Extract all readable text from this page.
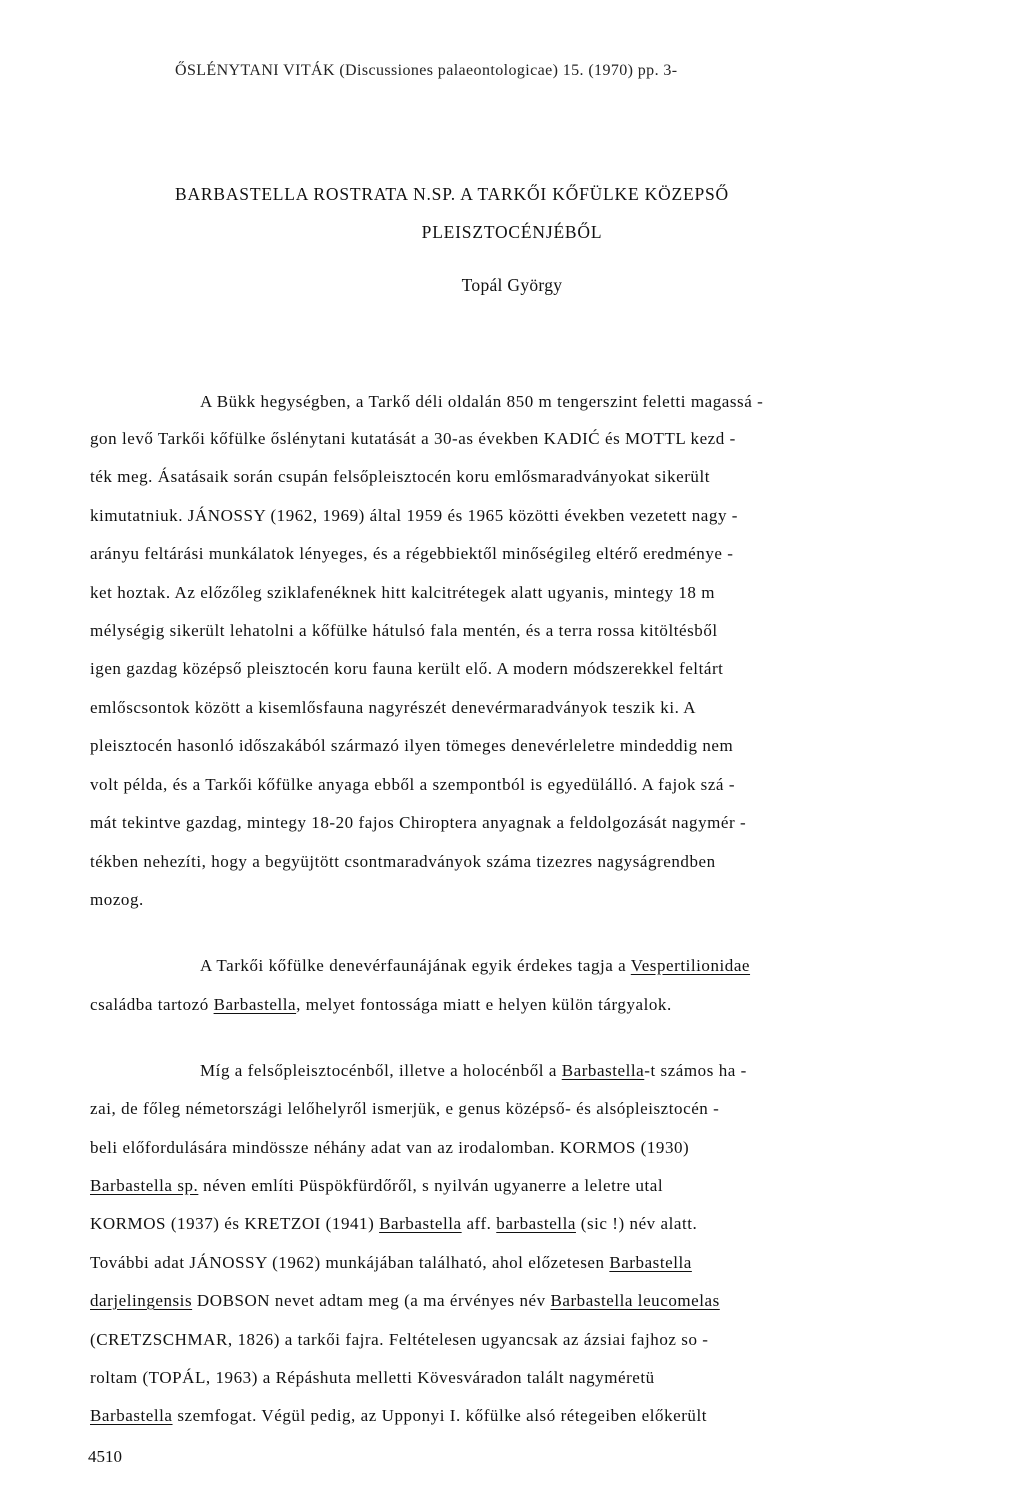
ŐSLÉNYTANI VITÁK (Discussiones palaeontologicae) 15. (1970) pp. 3-
BARBASTELLA ROSTRATA N.SP. A TARKŐI KŐFÜLKE KÖZEPSŐ
PLEISZTOCÉNJÉBŐL
Topál György
A Bükk hegységben, a Tarkő déli oldalán 850 m tengerszint feletti magassá -
gon levő Tarkői kőfülke őslénytani kutatását a 30-as években KADIĆ és MOTTL kezd -
ték meg. Ásatásaik során csupán felsőpleisztocén koru emlősmaradványokat sikerült
kimutatniuk. JÁNOSSY (1962, 1969) által 1959 és 1965 közötti években vezetett nagy -
arányu feltárási munkálatok lényeges, és a régebbiektől minőségileg eltérő eredménye -
ket hoztak. Az előzőleg sziklafenéknek hitt kalcitrétegek alatt ugyanis, mintegy 18 m
mélységig sikerült lehatolni a kőfülke hátulsó fala mentén, és a terra rossa kitöltésből
igen gazdag középső pleisztocén koru fauna került elő. A modern módszerekkel feltárt
emlőscsontok között a kisemlősfauna nagyrészét denevérmaradványok teszik ki. A
pleisztocén hasonló időszakából származó ilyen tömeges denevérleletre mindeddig nem
volt példa, és a Tarkői kőfülke anyaga ebből a szempontból is egyedülálló. A fajok szá -
mát tekintve gazdag, mintegy 18-20 fajos Chiroptera anyagnak a feldolgozását nagymér -
tékben nehezíti, hogy a begyüjtött csontmaradványok száma tizezres nagyságrendben
mozog.
A Tarkői kőfülke denevérfaunájának egyik érdekes tagja a Vespertilionidae
családba tartozó Barbastella, melyet fontossága miatt e helyen külön tárgyalok.
Míg a felsőpleisztocénből, illetve a holocénből a Barbastella-t számos ha -
zai, de főleg németországi lelőhelyről ismerjük, e genus középső- és alsópleisztocén -
beli előfordulására mindössze néhány adat van az irodalomban. KORMOS (1930)
Barbastella sp. néven említi Püspökfürdőről, s nyilván ugyanerre a leletre utal
KORMOS (1937) és KRETZOI (1941) Barbastella aff. barbastella (sic !) név alatt.
További adat JÁNOSSY (1962) munkájában található, ahol előzetesen Barbastella
darjelingensis DOBSON nevet adtam meg (a ma érvényes név Barbastella leucomelas
(CRETZSCHMAR, 1826) a tarkői fajra. Feltételesen ugyancsak az ázsiai fajhoz so -
roltam (TOPÁL, 1963) a Répáshuta melletti Kövesváradon talált nagyméretü
Barbastella szemfogat. Végül pedig, az Upponyi I. kőfülke alsó rétegeiben előkerült
4510
